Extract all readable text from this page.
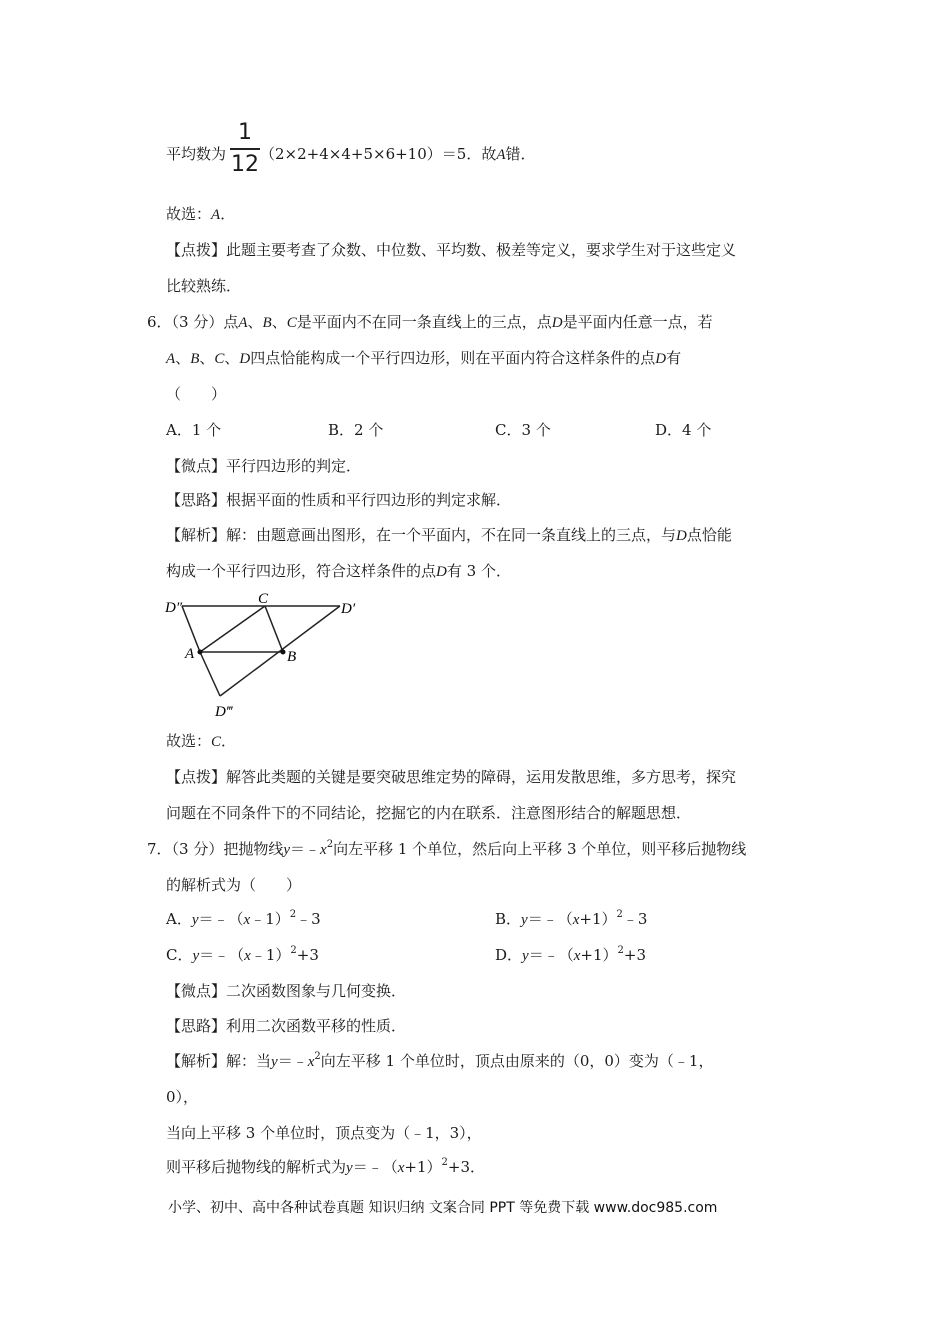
平均数为 （2×2+4×4+5×6+10）＝5．故A错．
1
12
故选：A．
【点拨】此题主要考查了众数、中位数、平均数、极差等定义，要求学生对于这些定义
比较熟练．
6．（3 分）点A、B、C是平面内不在同一条直线上的三点，点D是平面内任意一点，若
A、B、C、D四点恰能构成一个平行四边形，则在平面内符合这样条件的点D有
（　　）
A．1 个	B．2 个	C．3 个	D．4 个
【微点】平行四边形的判定．
【思路】根据平面的性质和平行四边形的判定求解．
【解析】解：由题意画出图形，在一个平面内，不在同一条直线上的三点，与D点恰能
构成一个平行四边形，符合这样条件的点D有 3 个．
D″
C
D′
A	B
D‴
故选：C．
【点拨】解答此类题的关键是要突破思维定势的障碍，运用发散思维，多方思考，探究
问题在不同条件下的不同结论，挖掘它的内在联系．注意图形结合的解题思想．
7．（3 分）把抛物线$y=﹣x^2$向左平移 1 个单位，然后向上平移 3 个单位，则平移后抛物线
的解析式为（　　）
A．y＝﹣（x﹣1）$^2$﹣3	B．$y=﹣(x+1)^2﹣3$
C．y＝﹣（x﹣1）$^2$+3	D．$y=﹣(x+1)^2+3$
【微点】二次函数图象与几何变换．
【思路】利用二次函数平移的性质．
【解析】解：当$y=﹣x^2$向左平移 1 个单位时，顶点由原来的（0，0）变为（﹣1，
0），
当向上平移 3 个单位时，顶点变为（﹣1，3），
则平移后抛物线的解析式为$y=﹣(x+1)^2+3$．
小学、初中、高中各种试卷真题 知识归纳 文案合同 PPT 等免费下载 www.doc985.com
